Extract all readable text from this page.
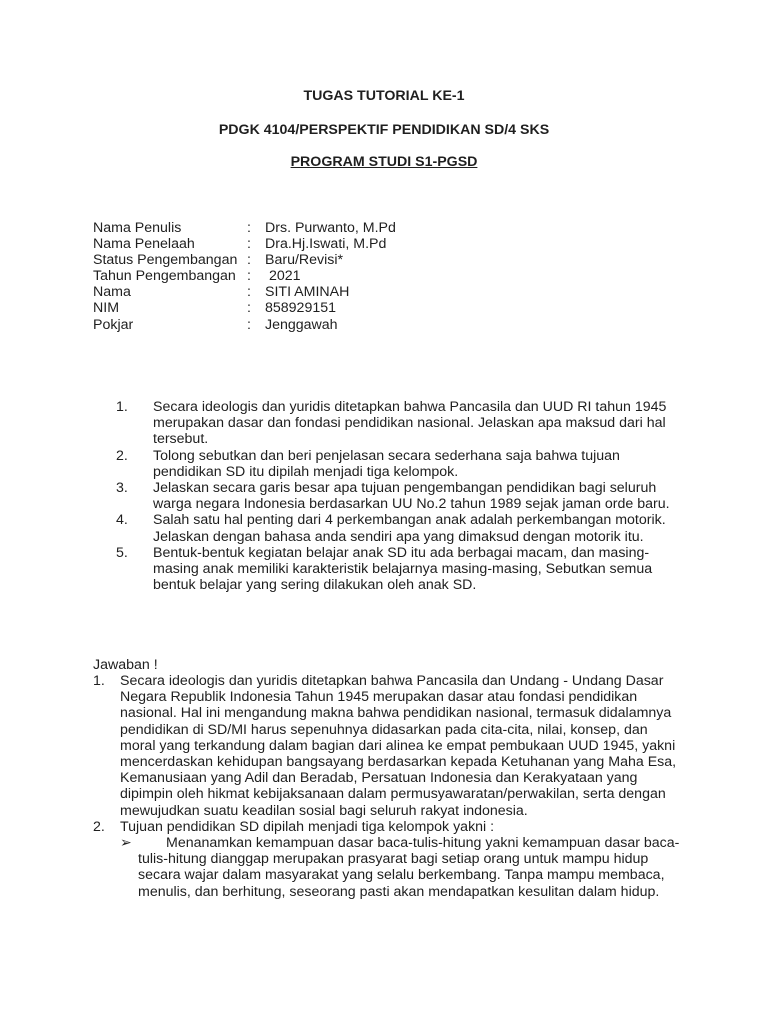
TUGAS TUTORIAL KE-1
PDGK 4104/PERSPEKTIF PENDIDIKAN SD/4 SKS
PROGRAM STUDI S1-PGSD
Nama Penulis	: Drs. Purwanto, M.Pd
Nama Penelaah	: Dra.Hj.Iswati, M.Pd
Status Pengembangan : Baru/Revisi*
Tahun Pengembangan : 2021
Nama	: SITI AMINAH
NIM	: 858929151
Pokjar	: Jenggawah
1. Secara ideologis dan yuridis ditetapkan bahwa Pancasila dan UUD RI tahun 1945 merupakan dasar dan fondasi pendidikan nasional. Jelaskan apa maksud dari hal tersebut.
2. Tolong sebutkan dan beri penjelasan secara sederhana saja bahwa tujuan pendidikan SD itu dipilah menjadi tiga kelompok.
3. Jelaskan secara garis besar apa tujuan pengembangan pendidikan bagi seluruh warga negara Indonesia berdasarkan UU No.2 tahun 1989 sejak jaman orde baru.
4. Salah satu hal penting dari 4 perkembangan anak adalah perkembangan motorik. Jelaskan dengan bahasa anda sendiri apa yang dimaksud dengan motorik itu.
5. Bentuk-bentuk kegiatan belajar anak SD itu ada berbagai macam, dan masing-masing anak memiliki karakteristik belajarnya masing-masing, Sebutkan semua bentuk belajar yang sering dilakukan oleh anak SD.
Jawaban !
1. Secara ideologis dan yuridis ditetapkan bahwa Pancasila dan Undang - Undang Dasar Negara Republik Indonesia Tahun 1945 merupakan dasar atau fondasi pendidikan nasional. Hal ini mengandung makna bahwa pendidikan nasional, termasuk didalamnya pendidikan di SD/MI harus sepenuhnya didasarkan pada cita-cita, nilai, konsep, dan moral yang terkandung dalam bagian dari alinea ke empat pembukaan UUD 1945, yakni mencerdaskan kehidupan bangsayang berdasarkan kepada Ketuhanan yang Maha Esa, Kemanusiaan yang Adil dan Beradab, Persatuan Indonesia dan Kerakyataan yang dipimpin oleh hikmat kebijaksanaan dalam permusyawaratan/perwakilan, serta dengan mewujudkan suatu keadilan sosial bagi seluruh rakyat indonesia.
2. Tujuan pendidikan SD dipilah menjadi tiga kelompok yakni :
➢	Menanamkan kemampuan dasar baca-tulis-hitung yakni kemampuan dasar baca-tulis-hitung dianggap merupakan prasyarat bagi setiap orang untuk mampu hidup secara wajar dalam masyarakat yang selalu berkembang. Tanpa mampu membaca, menulis, dan berhitung, seseorang pasti akan mendapatkan kesulitan dalam hidup.
